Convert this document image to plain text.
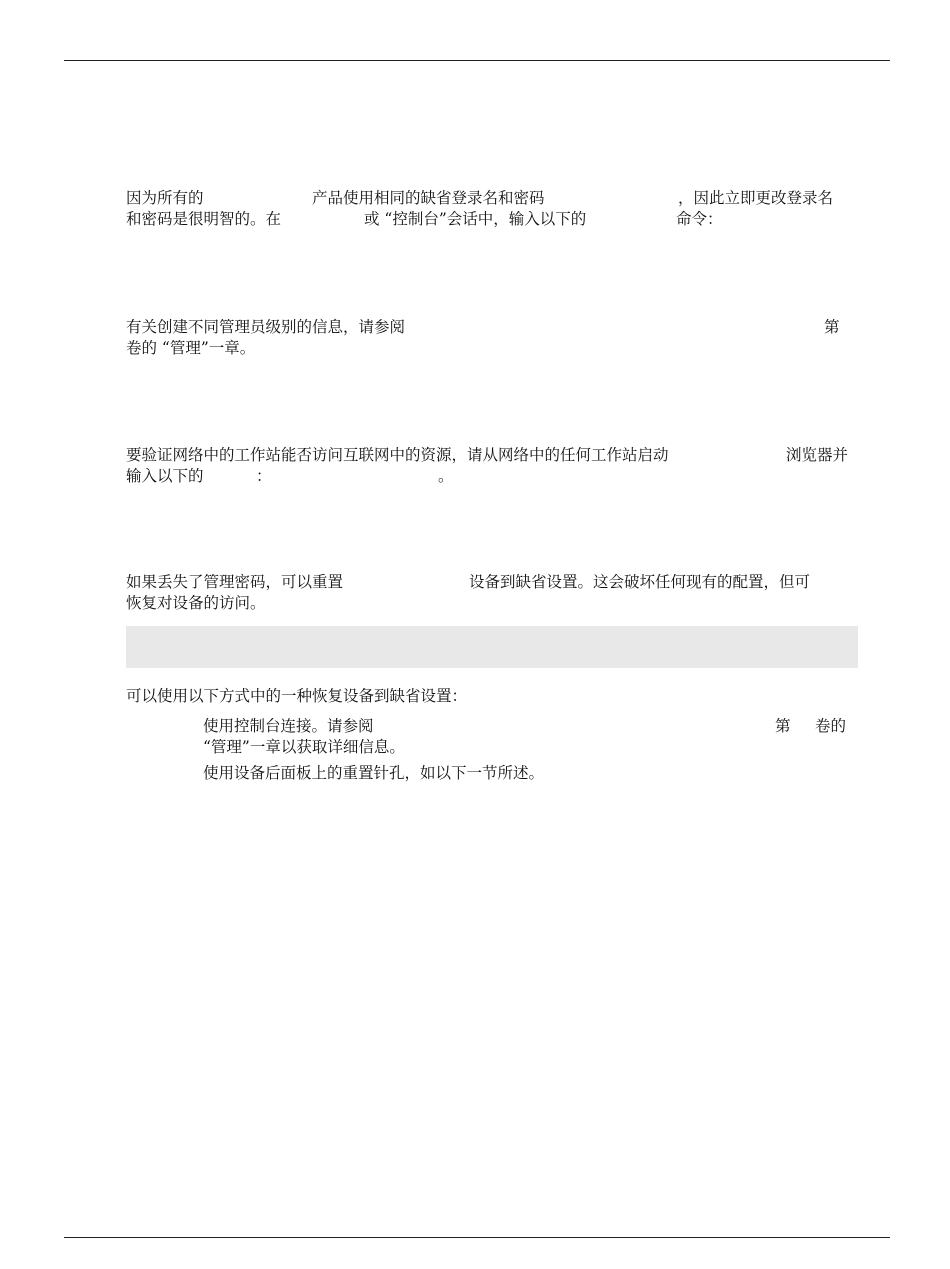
因为所有的	产品使用相同的缺省登录名和密码	，因此立即更改登录名
和密码是很明智的。在	或 “控制台”会话中，输入以下的	命令：
有关创建不同管理员级别的信息，请参阅	第
卷的 “管理”一章。
要验证网络中的工作站能否访问互联网中的资源，请从网络中的任何工作站启动	浏览器并
输入以下的	：	。
如果丢失了管理密码，可以重置	设备到缺省设置。这会破坏任何现有的配置，但可
恢复对设备的访问。
可以使用以下方式中的一种恢复设备到缺省设置：
使用控制台连接。请参阅	第 卷的
“管理”一章以获取详细信息。
使用设备后面板上的重置针孔，如以下一节所述。
